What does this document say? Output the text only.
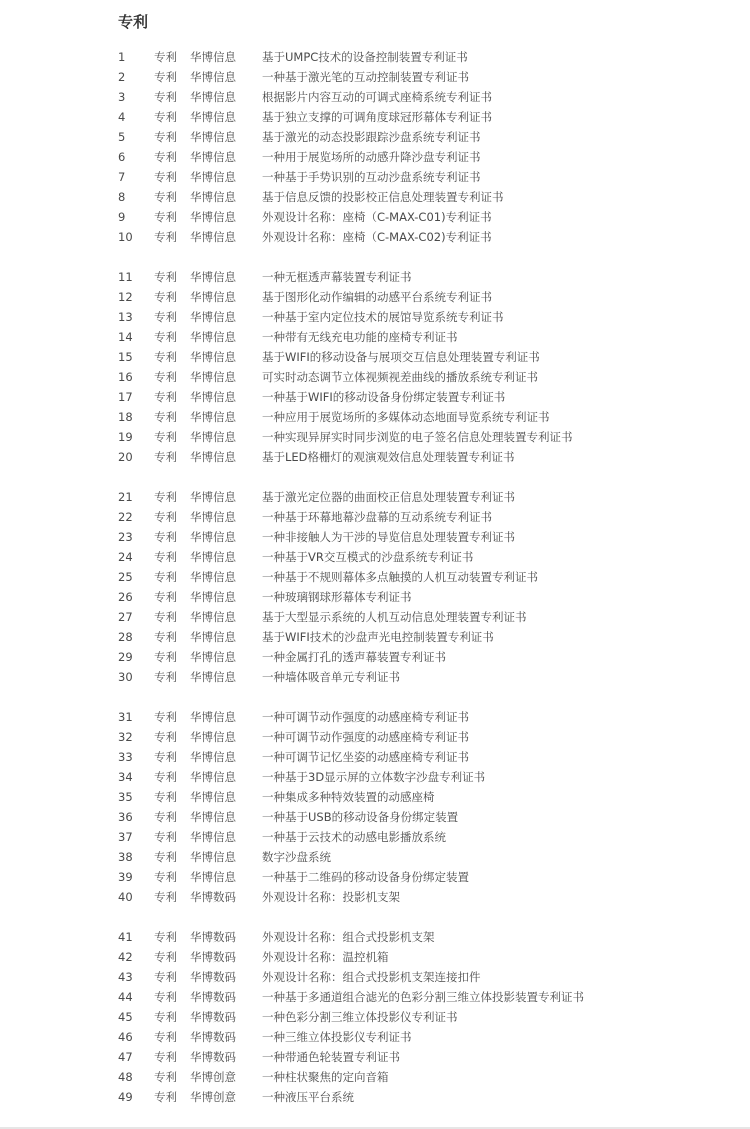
专利
1 专利 华博信息 基于UMPC技术的设备控制装置专利证书
2 专利 华博信息 一种基于激光笔的互动控制装置专利证书
3 专利 华博信息 根据影片内容互动的可调式座椅系统专利证书
4 专利 华博信息 基于独立支撑的可调角度球冠形幕体专利证书
5 专利 华博信息 基于激光的动态投影跟踪沙盘系统专利证书
6 专利 华博信息 一种用于展览场所的动感升降沙盘专利证书
7 专利 华博信息 一种基于手势识别的互动沙盘系统专利证书
8 专利 华博信息 基于信息反馈的投影校正信息处理装置专利证书
9 专利 华博信息 外观设计名称：座椅（C-MAX-C01)专利证书
10 专利 华博信息 外观设计名称：座椅（C-MAX-C02)专利证书
11 专利 华博信息 一种无框透声幕装置专利证书
12 专利 华博信息 基于图形化动作编辑的动感平台系统专利证书
13 专利 华博信息 一种基于室内定位技术的展馆导览系统专利证书
14 专利 华博信息 一种带有无线充电功能的座椅专利证书
15 专利 华博信息 基于WIFI的移动设备与展项交互信息处理装置专利证书
16 专利 华博信息 可实时动态调节立体视频视差曲线的播放系统专利证书
17 专利 华博信息 一种基于WIFI的移动设备身份绑定装置专利证书
18 专利 华博信息 一种应用于展览场所的多媒体动态地面导览系统专利证书
19 专利 华博信息 一种实现异屏实时同步浏览的电子签名信息处理装置专利证书
20 专利 华博信息 基于LED格栅灯的观演观效信息处理装置专利证书
21 专利 华博信息 基于激光定位器的曲面校正信息处理装置专利证书
22 专利 华博信息 一种基于环幕地幕沙盘幕的互动系统专利证书
23 专利 华博信息 一种非接触人为干涉的导览信息处理装置专利证书
24 专利 华博信息 一种基于VR交互模式的沙盘系统专利证书
25 专利 华博信息 一种基于不规则幕体多点触摸的人机互动装置专利证书
26 专利 华博信息 一种玻璃钢球形幕体专利证书
27 专利 华博信息 基于大型显示系统的人机互动信息处理装置专利证书
28 专利 华博信息 基于WIFI技术的沙盘声光电控制装置专利证书
29 专利 华博信息 一种金属打孔的透声幕装置专利证书
30 专利 华博信息 一种墙体吸音单元专利证书
31 专利 华博信息 一种可调节动作强度的动感座椅专利证书
32 专利 华博信息 一种可调节动作强度的动感座椅专利证书
33 专利 华博信息 一种可调节记忆坐姿的动感座椅专利证书
34 专利 华博信息 一种基于3D显示屏的立体数字沙盘专利证书
35 专利 华博信息 一种集成多种特效装置的动感座椅
36 专利 华博信息 一种基于USB的移动设备身份绑定装置
37 专利 华博信息 一种基于云技术的动感电影播放系统
38 专利 华博信息 数字沙盘系统
39 专利 华博信息 一种基于二维码的移动设备身份绑定装置
40 专利 华博数码 外观设计名称：投影机支架
41 专利 华博数码 外观设计名称：组合式投影机支架
42 专利 华博数码 外观设计名称：温控机箱
43 专利 华博数码 外观设计名称：组合式投影机支架连接扣件
44 专利 华博数码 一种基于多通道组合滤光的色彩分割三维立体投影装置专利证书
45 专利 华博数码 一种色彩分割三维立体投影仪专利证书
46 专利 华博数码 一种三维立体投影仪专利证书
47 专利 华博数码 一种带通色轮装置专利证书
48 专利 华博创意 一种柱状聚焦的定向音箱
49 专利 华博创意 一种液压平台系统
